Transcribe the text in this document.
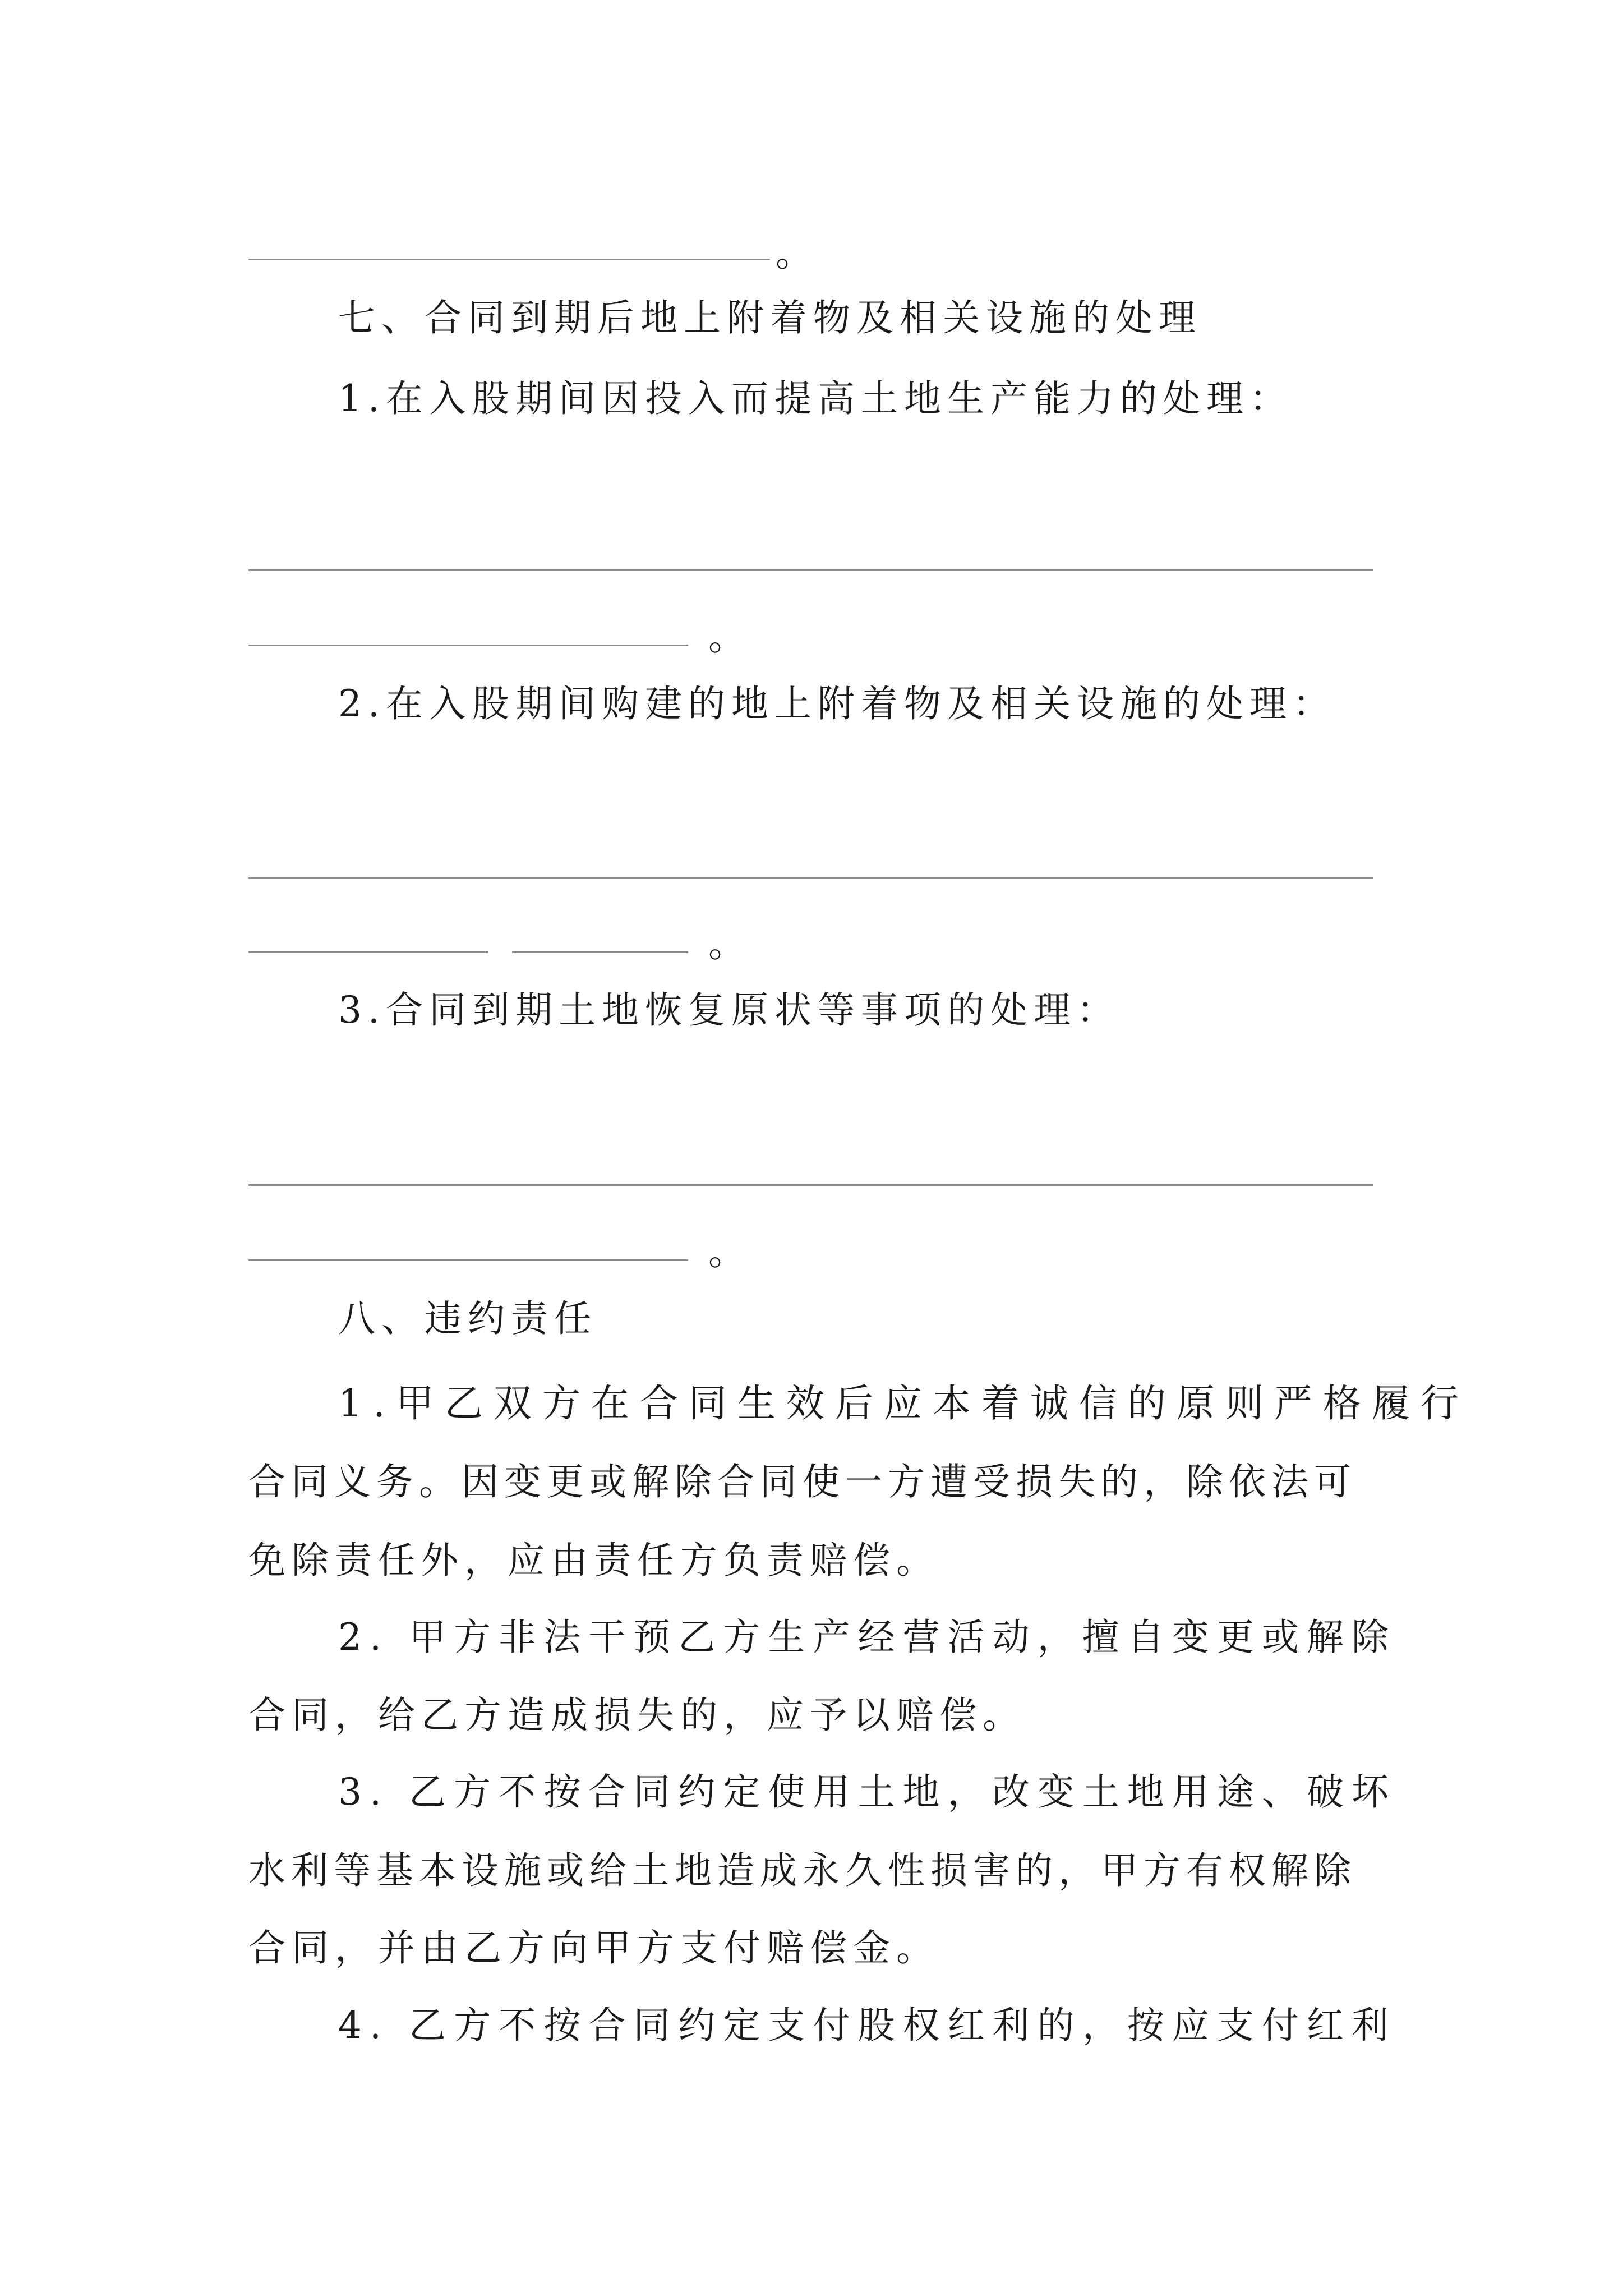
。
七、合同到期后地上附着物及相关设施的处理
1.在入股期间因投入而提高土地生产能力的处理：
。
2.在入股期间购建的地上附着物及相关设施的处理：
。
3.合同到期土地恢复原状等事项的处理：
。
八、违约责任
1.甲乙双方在合同生效后应本着诚信的原则严格履行
合同义务。因变更或解除合同使一方遭受损失的，除依法可
免除责任外，应由责任方负责赔偿。
2. 甲方非法干预乙方生产经营活动，擅自变更或解除
合同，给乙方造成损失的，应予以赔偿。
3. 乙方不按合同约定使用土地，改变土地用途、破坏
水利等基本设施或给土地造成永久性损害的，甲方有权解除
合同，并由乙方向甲方支付赔偿金。
4. 乙方不按合同约定支付股权红利的，按应支付红利
